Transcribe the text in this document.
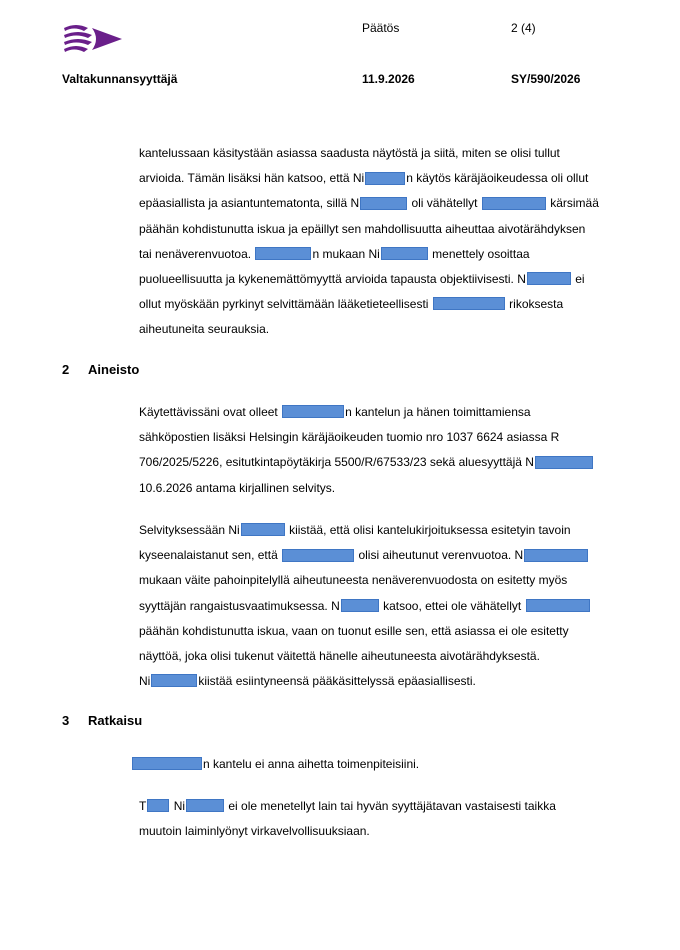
Päätös	2 (4)
Valtakunnansyyttäjä	11.9.2026	SY/590/2026
kantelussaan käsitystään asiassa saadusta näytöstä ja siitä, miten se olisi tullut
arvioida. Tämän lisäksi hän katsoo, että Ni	n käytös käräjäoikeudessa oli ollut
epäasiallista ja asiantuntematonta, sillä N	oli vähätellyt	kärsimää
päähän kohdistunutta iskua ja epäillyt sen mahdollisuutta aiheuttaa aivotärähdyksen
tai nenäverenvuotoa.	n mukaan Ni	menettely osoittaa
puolueellisuutta ja kykenemättömyyttä arvioida tapausta objektiivisesti. N	ei
ollut myöskään pyrkinyt selvittämään lääketieteellisesti	rikoksesta
aiheutuneita seurauksia.
2 Aineisto
Käytettävissäni ovat olleet	n kantelun ja hänen toimittamiensa
sähköpostien lisäksi Helsingin käräjäoikeuden tuomio nro 1037 6624 asiassa R
706/2025/5226, esitutkintapöytäkirja 5500/R/67533/23 sekä aluesyyttäjä N
10.6.2026 antama kirjallinen selvitys.
Selvityksessään Ni	kiistää, että olisi kantelukirjoituksessa esitetyin tavoin
kyseenalaistanut sen, että	olisi aiheutunut verenvuotoa. N
mukaan väite pahoinpitelyllä aiheutuneesta nenäverenvuodosta on esitetty myös
syyttäjän rangaistusvaatimuksessa. N	katsoo, ettei ole vähätellyt
päähän kohdistunutta iskua, vaan on tuonut esille sen, että asiassa ei ole esitetty
näyttöä, joka olisi tukenut väitettä hänelle aiheutuneesta aivotärähdyksestä.
Ni	kiistää esiintyneensä pääkäsittelyssä epäasiallisesti.
3 Ratkaisu
n kantelu ei anna aihetta toimenpiteisiini.
T Ni	ei ole menetellyt lain tai hyvän syyttäjätavan vastaisesti taikka
muutoin laiminlyönyt virkavelvollisuuksiaan.
